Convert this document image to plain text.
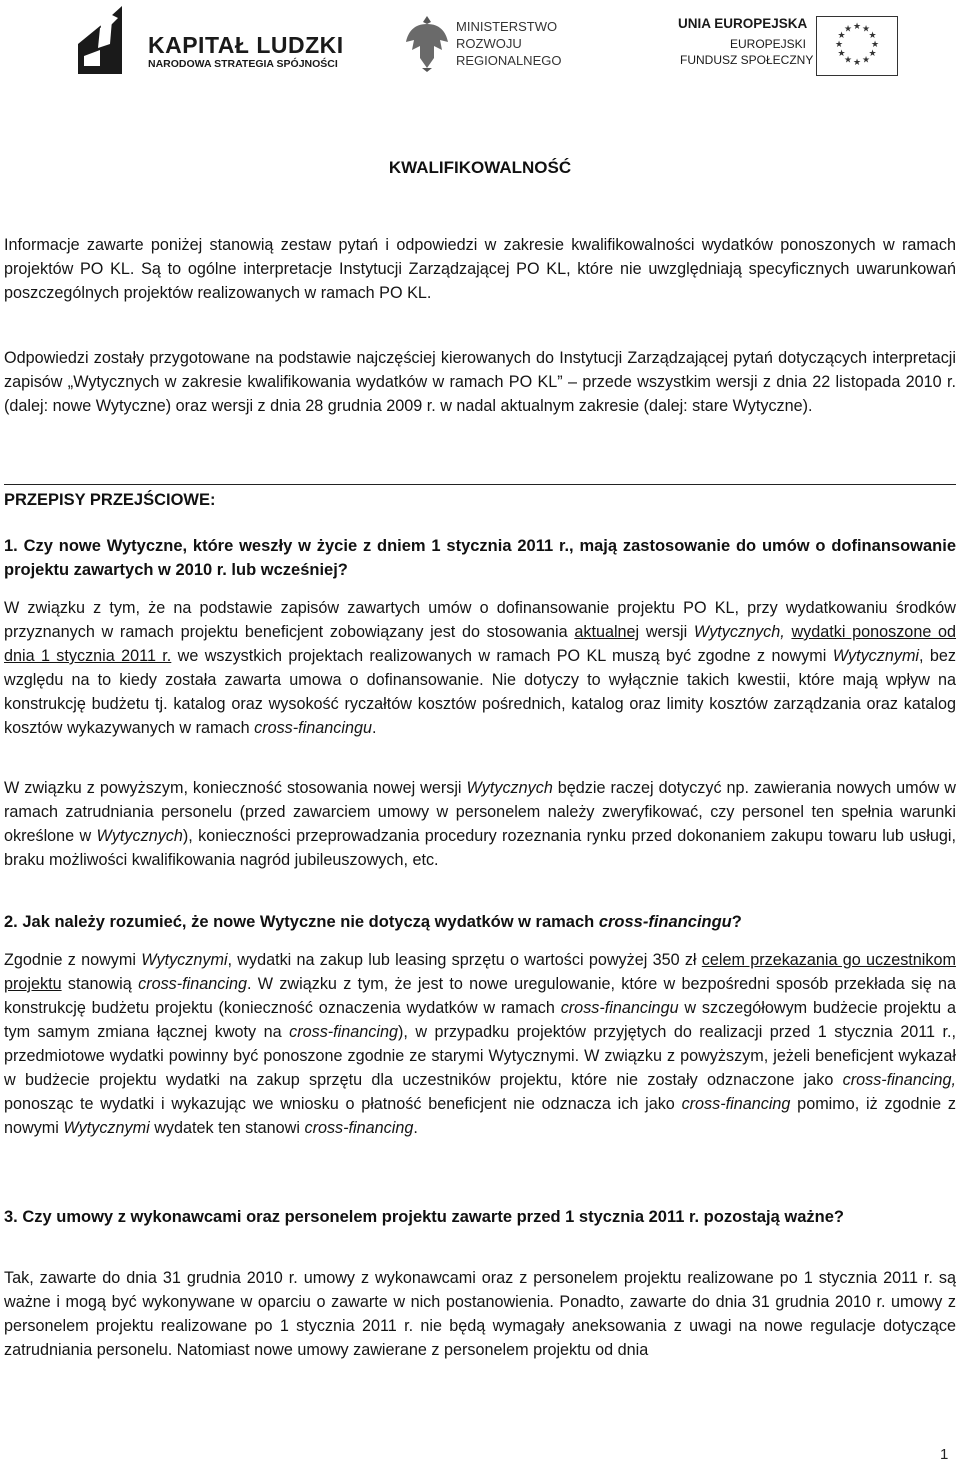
KAPITAŁ LUDZKI
NARODOWA STRATEGIA SPÓJNOŚCI
MINISTERSTWO
ROZWOJU
REGIONALNEGO
UNIA EUROPEJSKA
EUROPEJSKI
FUNDUSZ SPOŁECZNY
★ ★
★
★
★
★
★
★
★
★
★
★
KWALIFIKOWALNOŚĆ
Informacje zawarte poniżej stanowią zestaw pytań i odpowiedzi w zakresie kwalifikowalności wydatków ponoszonych w ramach projektów PO KL. Są to ogólne interpretacje Instytucji Zarządzającej PO KL, które nie uwzględniają specyficznych uwarunkowań poszczególnych projektów realizowanych w ramach PO KL.
Odpowiedzi zostały przygotowane na podstawie najczęściej kierowanych do Instytucji Zarządzającej pytań dotyczących interpretacji zapisów „Wytycznych w zakresie kwalifikowania wydatków w ramach PO KL” – przede wszystkim wersji z dnia 22 listopada 2010 r. (dalej: nowe Wytyczne) oraz wersji z dnia 28 grudnia 2009 r. w nadal aktualnym zakresie (dalej: stare Wytyczne).
PRZEPISY PRZEJŚCIOWE:
1. Czy nowe Wytyczne, które weszły w życie z dniem 1 stycznia 2011 r., mają zastosowanie do umów o dofinansowanie projektu zawartych w 2010 r. lub wcześniej?
W związku z tym, że na podstawie zapisów zawartych umów o dofinansowanie projektu PO KL, przy wydatkowaniu środków przyznanych w ramach projektu beneficjent zobowiązany jest do stosowania aktualnej wersji Wytycznych, wydatki ponoszone od dnia 1 stycznia 2011 r. we wszystkich projektach realizowanych w ramach PO KL muszą być zgodne z nowymi Wytycznymi, bez względu na to kiedy została zawarta umowa o dofinansowanie. Nie dotyczy to wyłącznie takich kwestii, które mają wpływ na konstrukcję budżetu tj. katalog oraz wysokość ryczałtów kosztów pośrednich, katalog oraz limity kosztów zarządzania oraz katalog kosztów wykazywanych w ramach cross-financingu.
W związku z powyższym, konieczność stosowania nowej wersji Wytycznych będzie raczej dotyczyć np. zawierania nowych umów w ramach zatrudniania personelu (przed zawarciem umowy w personelem należy zweryfikować, czy personel ten spełnia warunki określone w Wytycznych), konieczności przeprowadzania procedury rozeznania rynku przed dokonaniem zakupu towaru lub usługi, braku możliwości kwalifikowania nagród jubileuszowych, etc.
2. Jak należy rozumieć, że nowe Wytyczne nie dotyczą wydatków w ramach cross-financingu?
Zgodnie z nowymi Wytycznymi, wydatki na zakup lub leasing sprzętu o wartości powyżej 350 zł celem przekazania go uczestnikom projektu stanowią cross-financing. W związku z tym, że jest to nowe uregulowanie, które w bezpośredni sposób przekłada się na konstrukcję budżetu projektu (konieczność oznaczenia wydatków w ramach cross-financingu w szczegółowym budżecie projektu a tym samym zmiana łącznej kwoty na cross-financing), w przypadku projektów przyjętych do realizacji przed 1 stycznia 2011 r., przedmiotowe wydatki powinny być ponoszone zgodnie ze starymi Wytycznymi. W związku z powyższym, jeżeli beneficjent wykazał w budżecie projektu wydatki na zakup sprzętu dla uczestników projektu, które nie zostały odznaczone jako cross-financing, ponosząc te wydatki i wykazując we wniosku o płatność beneficjent nie odznacza ich jako cross-financing pomimo, iż zgodnie z nowymi Wytycznymi wydatek ten stanowi cross-financing.
3. Czy umowy z wykonawcami oraz personelem projektu zawarte przed 1 stycznia 2011 r. pozostają ważne?
Tak, zawarte do dnia 31 grudnia 2010 r. umowy z wykonawcami oraz z personelem projektu realizowane po 1 stycznia 2011 r. są ważne i mogą być wykonywane w oparciu o zawarte w nich postanowienia. Ponadto, zawarte do dnia 31 grudnia 2010 r. umowy z personelem projektu realizowane po 1 stycznia 2011 r. nie będą wymagały aneksowania z uwagi na nowe regulacje dotyczące zatrudniania personelu. Natomiast nowe umowy zawierane z personelem projektu od dnia
1
